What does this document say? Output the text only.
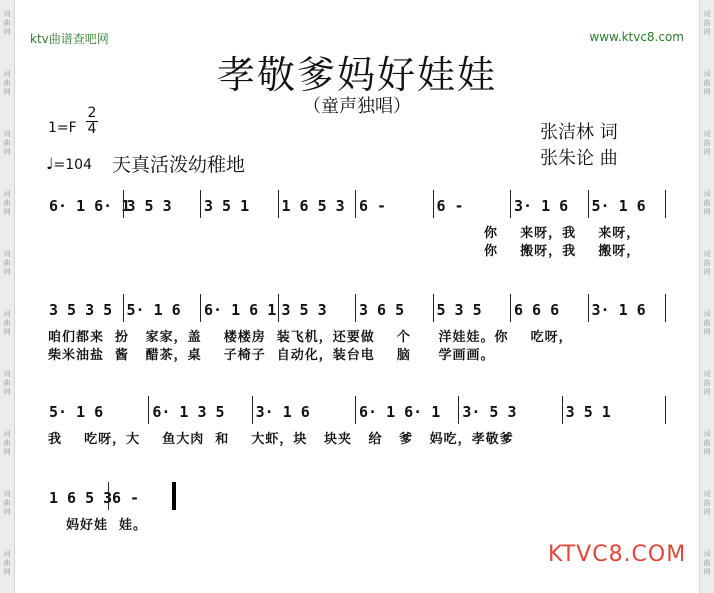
词
曲
网
词
曲
网
词
曲
网
词
曲
网
词
曲
网
词
曲
网
词
曲
网
词
曲
网
词
曲
网
词
曲
网
词
曲
网
词
曲
网
词
曲
网
词
曲
网
词
曲
网
词
曲
网
词
曲
网
词
曲
网
词
曲
网
词
曲
网
ktv曲谱查吧网	www.ktvc8.com
孝敬爹妈好娃娃
（童声独唱）
1=F
2
4
♩=104 天真活泼幼稚地
张洁林 词
张朱论 曲
6· 1 6· 1
3 5 3	3 5 1	1 6 5 3 6 -	6 -	3· 1 6	5· 1 6
你    来呀，我    来呀，
你    搬呀，我    搬呀，
3 5 3 5 5· 1 6	6· 1 6 1 3 5 3	3 6 5	5 3 5	6 6 6	3· 1 6
咱们都来  扮   家家，盖    楼楼房  装飞机，还要做    个     洋娃娃。你    吃呀，
柴米油盐  酱   醋茶，桌    子椅子  自动化，装台电    脑     学画画。
5· 1 6	6· 1 3 5	3· 1 6	6· 1 6· 1	3· 5 3	3 5 1
我    吃呀，大    鱼大肉  和    大虾，块   块夹   给   爹   妈吃，孝敬爹
1 6 5 3 6 -
妈好娃  娃。
KTVC8.COM
